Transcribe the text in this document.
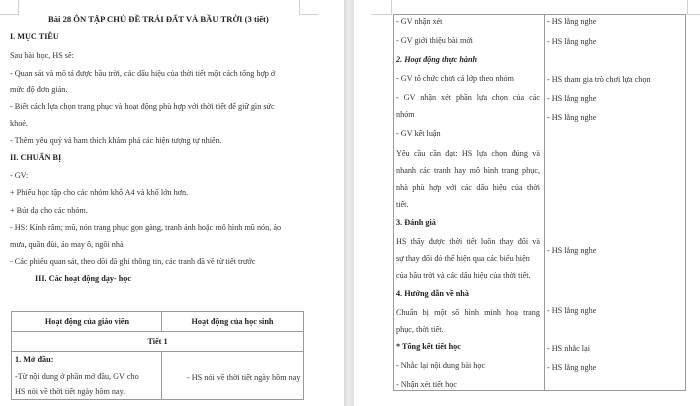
Bài 28 ÔN TẬP CHỦ ĐỀ TRÁI ĐẤT VÀ BẦU TRỜI (3 tiết)
I. MỤC TIÊU
Sau bài học, HS sẽ:
- Quan sát và mô tả được bầu trời, các dấu hiệu của thời tiết một cách tổng hợp ở
mức độ đơn giản.
- Biết cách lựa chọn trang phục và hoạt động phù hợp với thời tiết để giữ gìn sức
khoẻ.
- Thêm yêu quý và ham thích khám phá các hiện tượng tự nhiên.
II. CHUẨN BỊ
- GV:
+ Phiếu học tập cho các nhóm khổ A4 và khổ lớn hơn.
+ Bút dạ cho các nhóm.
- HS: Kính râm; mũ, nón trang phục gọn gàng, tranh ảnh hoặc mô hình mũ nón, áo
mưa, quần đùi, áo may ô, ngôi nhà
- Các phiếu quan sát, theo dõi đã ghi thông tin, các tranh đã vẽ từ tiết trước
III. Các hoạt động dạy- học
Hoạt động của giáo viên	Hoạt động của học sinh
Tiết 1
1. Mở đầu:
-Từ nội dung ở phần mở đầu, GV cho
HS nói về thời tiết ngày hôm nay.
- HS nói về thời tiết ngày hôm nay
- GV nhận xét
- GV giới thiệu bài mới
2. Hoạt động thực hành
- GV tổ chức chơi cả lớp theo nhóm
- GV nhận xét phần lựa chọn của các
nhóm
- GV kết luận
Yêu cầu cần đạt: HS lựa chọn đúng và
nhanh các tranh hay mô hình trang phục,
nhà phù hợp với các dấu hiệu của thời
tiết.
3. Đánh giá
HS thấy được thời tiết luôn thay đổi và
sự thay đổi đó thể hiện qua các biểu hiện
của bầu trời và các dấu hiệu của thời tiết.
4. Hướng dẫn về nhà
Chuẩn bị một số hình minh hoạ trang
phục, thời tiết.
* Tổng kết tiết học
- Nhắc lại nội dung bài học
- Nhận xét tiết học
- HS lắng nghe
- HS lắng nghe
- HS tham gia trò chơi lựa chọn
- HS lắng nghe
- HS lắng nghe
- HS lắng nghe
- HS lắng nghe
- HS nhắc lại
- HS lắng nghe
